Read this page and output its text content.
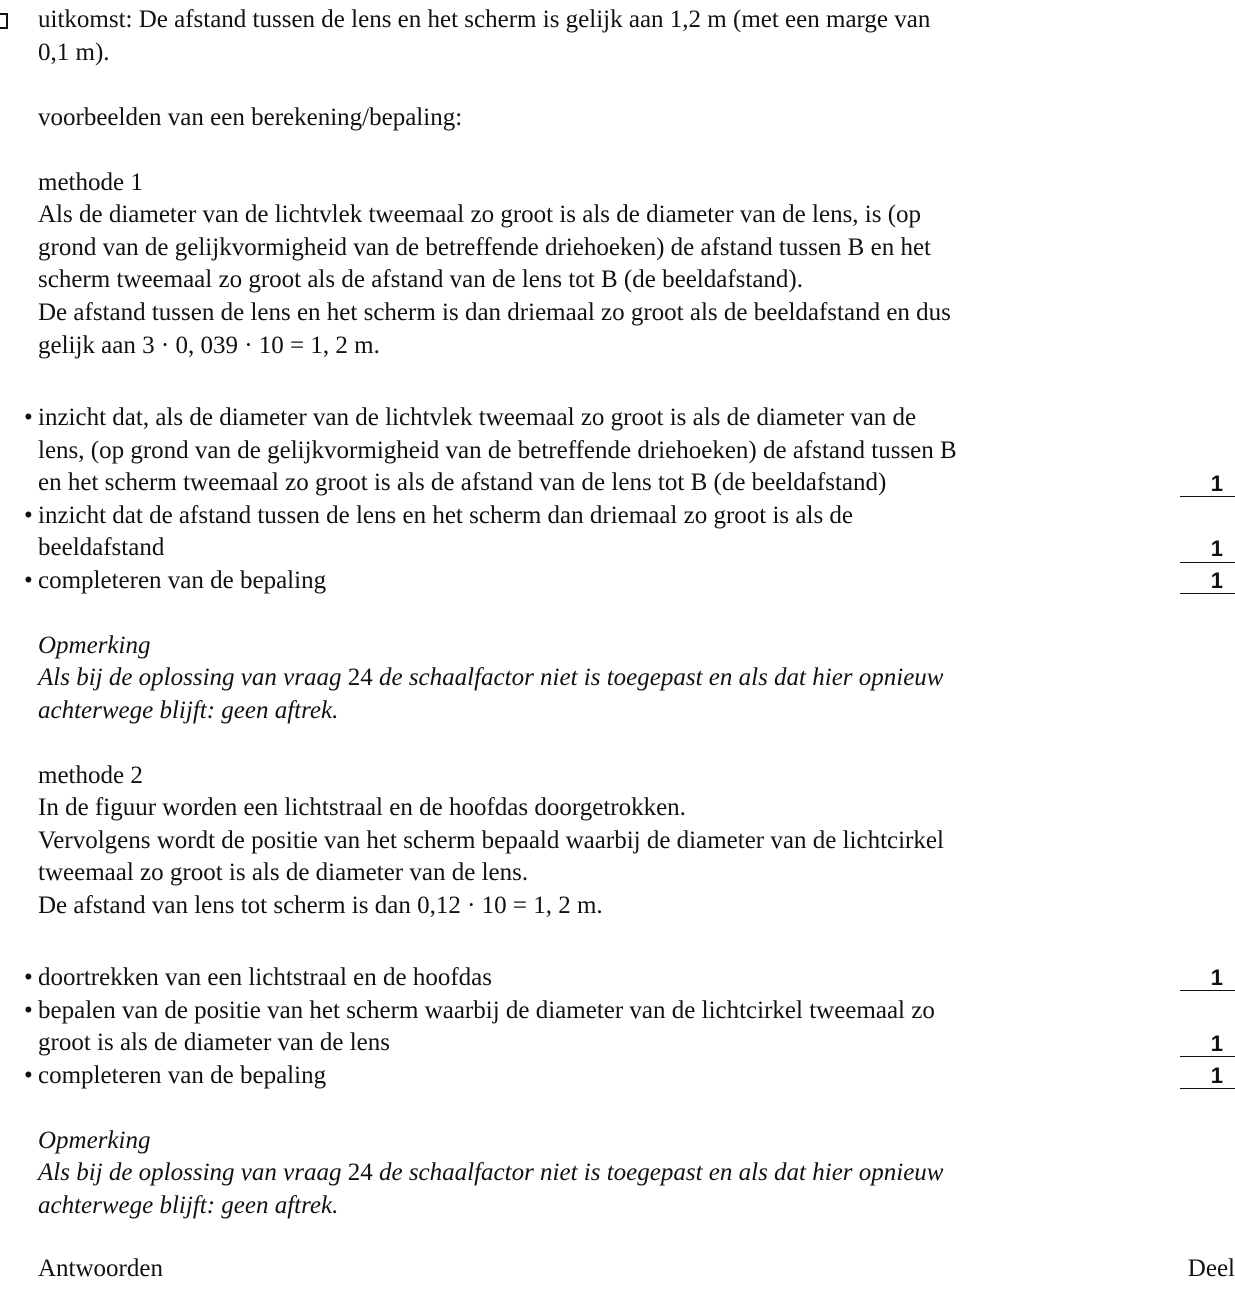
uitkomst: De afstand tussen de lens en het scherm is gelijk aan 1,2 m (met een marge van
0,1 m).
voorbeelden van een berekening/bepaling:
methode 1
Als de diameter van de lichtvlek tweemaal zo groot is als de diameter van de lens, is (op
grond van de gelijkvormigheid van de betreffende driehoeken) de afstand tussen B en het
scherm tweemaal zo groot als de afstand van de lens tot B (de beeldafstand).
De afstand tussen de lens en het scherm is dan driemaal zo groot als de beeldafstand en dus
gelijk aan 3 · 0, 039 · 10 = 1, 2 m.
• inzicht dat, als de diameter van de lichtvlek tweemaal zo groot is als de diameter van de
lens, (op grond van de gelijkvormigheid van de betreffende driehoeken) de afstand tussen B
en het scherm tweemaal zo groot is als de afstand van de lens tot B (de beeldafstand)	1
• inzicht dat de afstand tussen de lens en het scherm dan driemaal zo groot is als de
beeldafstand	1
• completeren van de bepaling	1
Opmerking
Als bij de oplossing van vraag 24 de schaalfactor niet is toegepast en als dat hier opnieuw
achterwege blijft: geen aftrek.
methode 2
In de figuur worden een lichtstraal en de hoofdas doorgetrokken.
Vervolgens wordt de positie van het scherm bepaald waarbij de diameter van de lichtcirkel
tweemaal zo groot is als de diameter van de lens.
De afstand van lens tot scherm is dan 0,12 · 10 = 1, 2 m.
• doortrekken van een lichtstraal en de hoofdas	1
• bepalen van de positie van het scherm waarbij de diameter van de lichtcirkel tweemaal zo
groot is als de diameter van de lens	1
• completeren van de bepaling	1
Opmerking
Als bij de oplossing van vraag 24 de schaalfactor niet is toegepast en als dat hier opnieuw
achterwege blijft: geen aftrek.
Antwoorden	Deel
